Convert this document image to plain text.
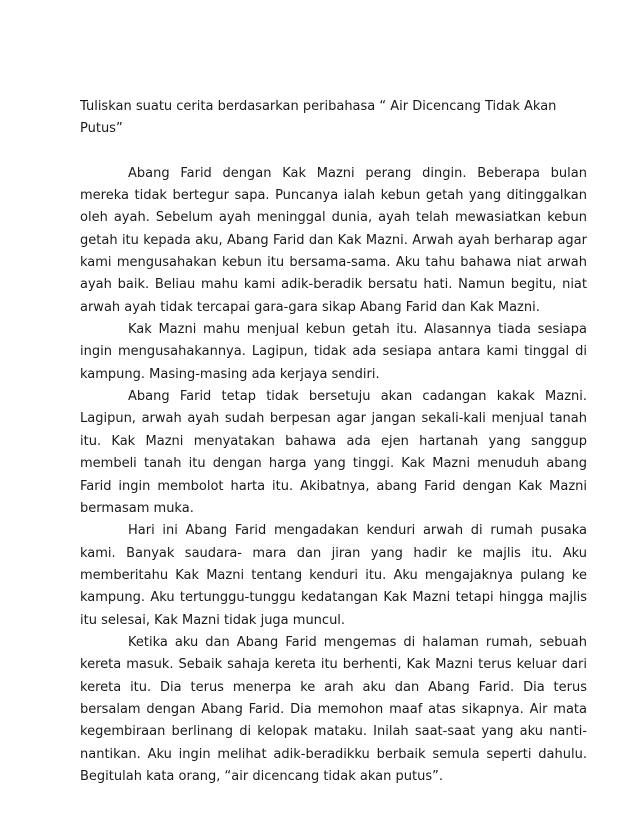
Tuliskan suatu cerita berdasarkan peribahasa “ Air Dicencang Tidak Akan Putus”

Abang Farid dengan Kak Mazni perang dingin. Beberapa bulan mereka tidak bertegur sapa. Puncanya ialah kebun getah yang ditinggalkan oleh ayah. Sebelum ayah meninggal dunia, ayah telah mewasiatkan kebun getah itu kepada aku, Abang Farid dan Kak Mazni. Arwah ayah berharap agar kami mengusahakan kebun itu bersama-sama. Aku tahu bahawa niat arwah ayah baik. Beliau mahu kami adik-beradik bersatu hati. Namun begitu, niat arwah ayah tidak tercapai gara-gara sikap Abang Farid dan Kak Mazni.

Kak Mazni mahu menjual kebun getah itu. Alasannya tiada sesiapa ingin mengusahakannya. Lagipun, tidak ada sesiapa antara kami tinggal di kampung. Masing-masing ada kerjaya sendiri.

Abang Farid tetap tidak bersetuju akan cadangan kakak Mazni. Lagipun, arwah ayah sudah berpesan agar jangan sekali-kali menjual tanah itu. Kak Mazni menyatakan bahawa ada ejen hartanah yang sanggup membeli tanah itu dengan harga yang tinggi. Kak Mazni menuduh abang Farid ingin membolot harta itu. Akibatnya, abang Farid dengan Kak Mazni bermasam muka.

Hari ini Abang Farid mengadakan kenduri arwah di rumah pusaka kami. Banyak saudara- mara dan jiran yang hadir ke majlis itu. Aku memberitahu Kak Mazni tentang kenduri itu. Aku mengajaknya pulang ke kampung. Aku tertunggu-tunggu kedatangan Kak Mazni tetapi hingga majlis itu selesai, Kak Mazni tidak juga muncul.

Ketika aku dan Abang Farid mengemas di halaman rumah, sebuah kereta masuk. Sebaik sahaja kereta itu berhenti, Kak Mazni terus keluar dari kereta itu. Dia terus menerpa ke arah aku dan Abang Farid. Dia terus bersalam dengan Abang Farid. Dia memohon maaf atas sikapnya. Air mata kegembiraan berlinang di kelopak mataku. Inilah saat-saat yang aku nanti-nantikan. Aku ingin melihat adik-beradikku berbaik semula seperti dahulu. Begitulah kata orang, “air dicencang tidak akan putus”.
